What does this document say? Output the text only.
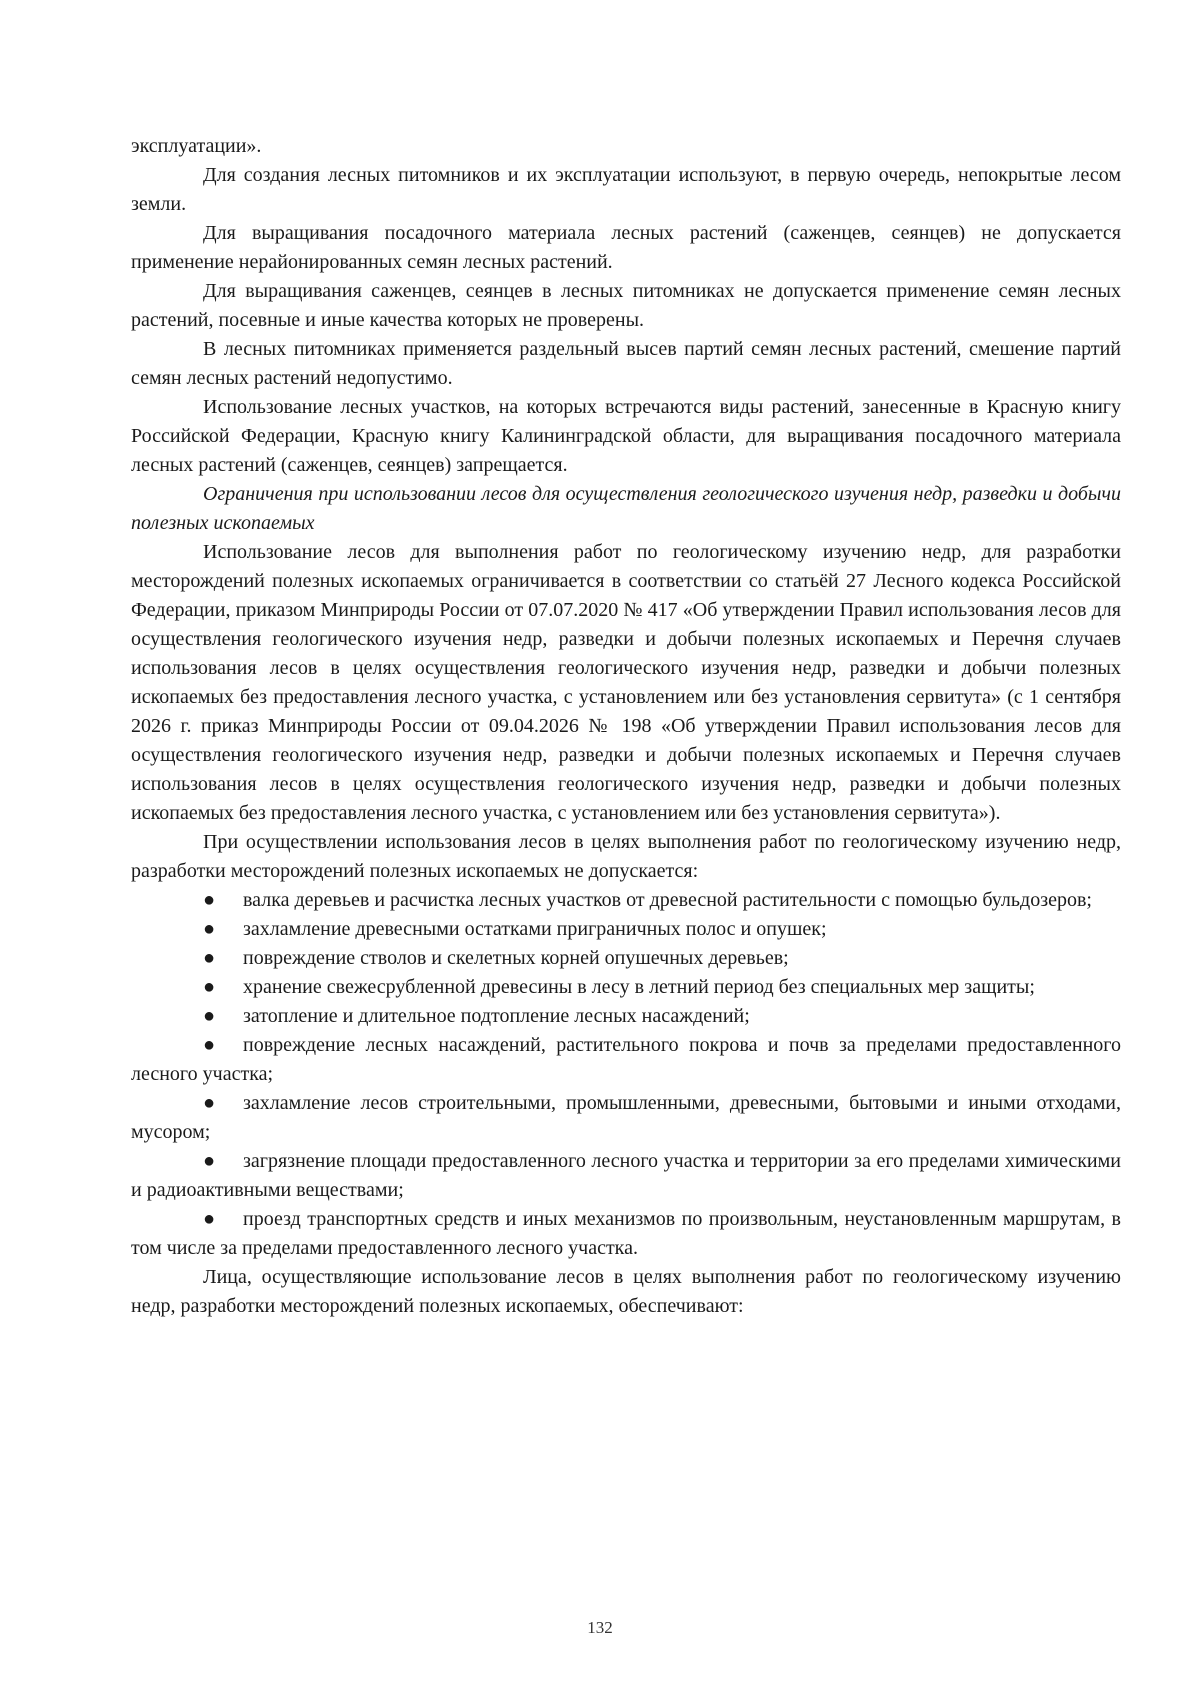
эксплуатации».

Для создания лесных питомников и их эксплуатации используют, в первую очередь, непокрытые лесом земли.

Для выращивания посадочного материала лесных растений (саженцев, сеянцев) не допускается применение нерайонированных семян лесных растений.

Для выращивания саженцев, сеянцев в лесных питомниках не допускается применение семян лесных растений, посевные и иные качества которых не проверены.

В лесных питомниках применяется раздельный высев партий семян лесных растений, смешение партий семян лесных растений недопустимо.

Использование лесных участков, на которых встречаются виды растений, занесенные в Красную книгу Российской Федерации, Красную книгу Калининградской области, для выращивания посадочного материала лесных растений (саженцев, сеянцев) запрещается.

Ограничения при использовании лесов для осуществления геологического изучения недр, разведки и добычи полезных ископаемых

Использование лесов для выполнения работ по геологическому изучению недр, для разработки месторождений полезных ископаемых ограничивается в соответствии со статьёй 27 Лесного кодекса Российской Федерации, приказом Минприроды России от 07.07.2020 № 417 «Об утверждении Правил использования лесов для осуществления геологического изучения недр, разведки и добычи полезных ископаемых и Перечня случаев использования лесов в целях осуществления геологического изучения недр, разведки и добычи полезных ископаемых без предоставления лесного участка, с установлением или без установления сервитута» (с 1 сентября 2026 г. приказ Минприроды России от 09.04.2026 № 198 «Об утверждении Правил использования лесов для осуществления геологического изучения недр, разведки и добычи полезных ископаемых и Перечня случаев использования лесов в целях осуществления геологического изучения недр, разведки и добычи полезных ископаемых без предоставления лесного участка, с установлением или без установления сервитута»).

При осуществлении использования лесов в целях выполнения работ по геологическому изучению недр, разработки месторождений полезных ископаемых не допускается:

● валка деревьев и расчистка лесных участков от древесной растительности с помощью бульдозеров;

● захламление древесными остатками приграничных полос и опушек;

● повреждение стволов и скелетных корней опушечных деревьев;

● хранение свежесрубленной древесины в лесу в летний период без специальных мер защиты;

● затопление и длительное подтопление лесных насаждений;

● повреждение лесных насаждений, растительного покрова и почв за пределами предоставленного лесного участка;

● захламление лесов строительными, промышленными, древесными, бытовыми и иными отходами, мусором;

● загрязнение площади предоставленного лесного участка и территории за его пределами химическими и радиоактивными веществами;

● проезд транспортных средств и иных механизмов по произвольным, неустановленным маршрутам, в том числе за пределами предоставленного лесного участка.

Лица, осуществляющие использование лесов в целях выполнения работ по геологическому изучению недр, разработки месторождений полезных ископаемых, обеспечивают:

132
